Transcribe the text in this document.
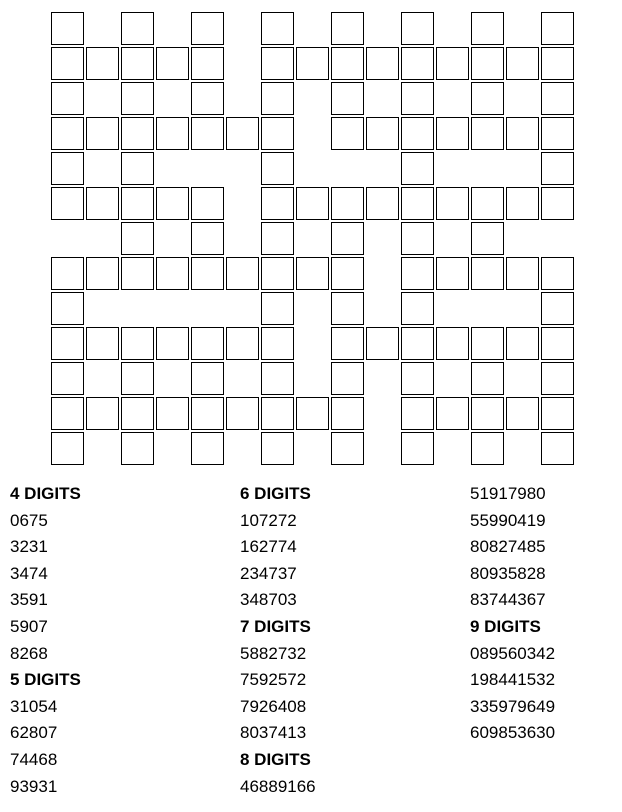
4 DIGITS
0675
3231
3474
3591
5907
8268
5 DIGITS
31054
62807
74468
93931
6 DIGITS
107272
162774
234737
348703
7 DIGITS
5882732
7592572
7926408
8037413
8 DIGITS
46889166
51917980
55990419
80827485
80935828
83744367
9 DIGITS
089560342
198441532
335979649
609853630
